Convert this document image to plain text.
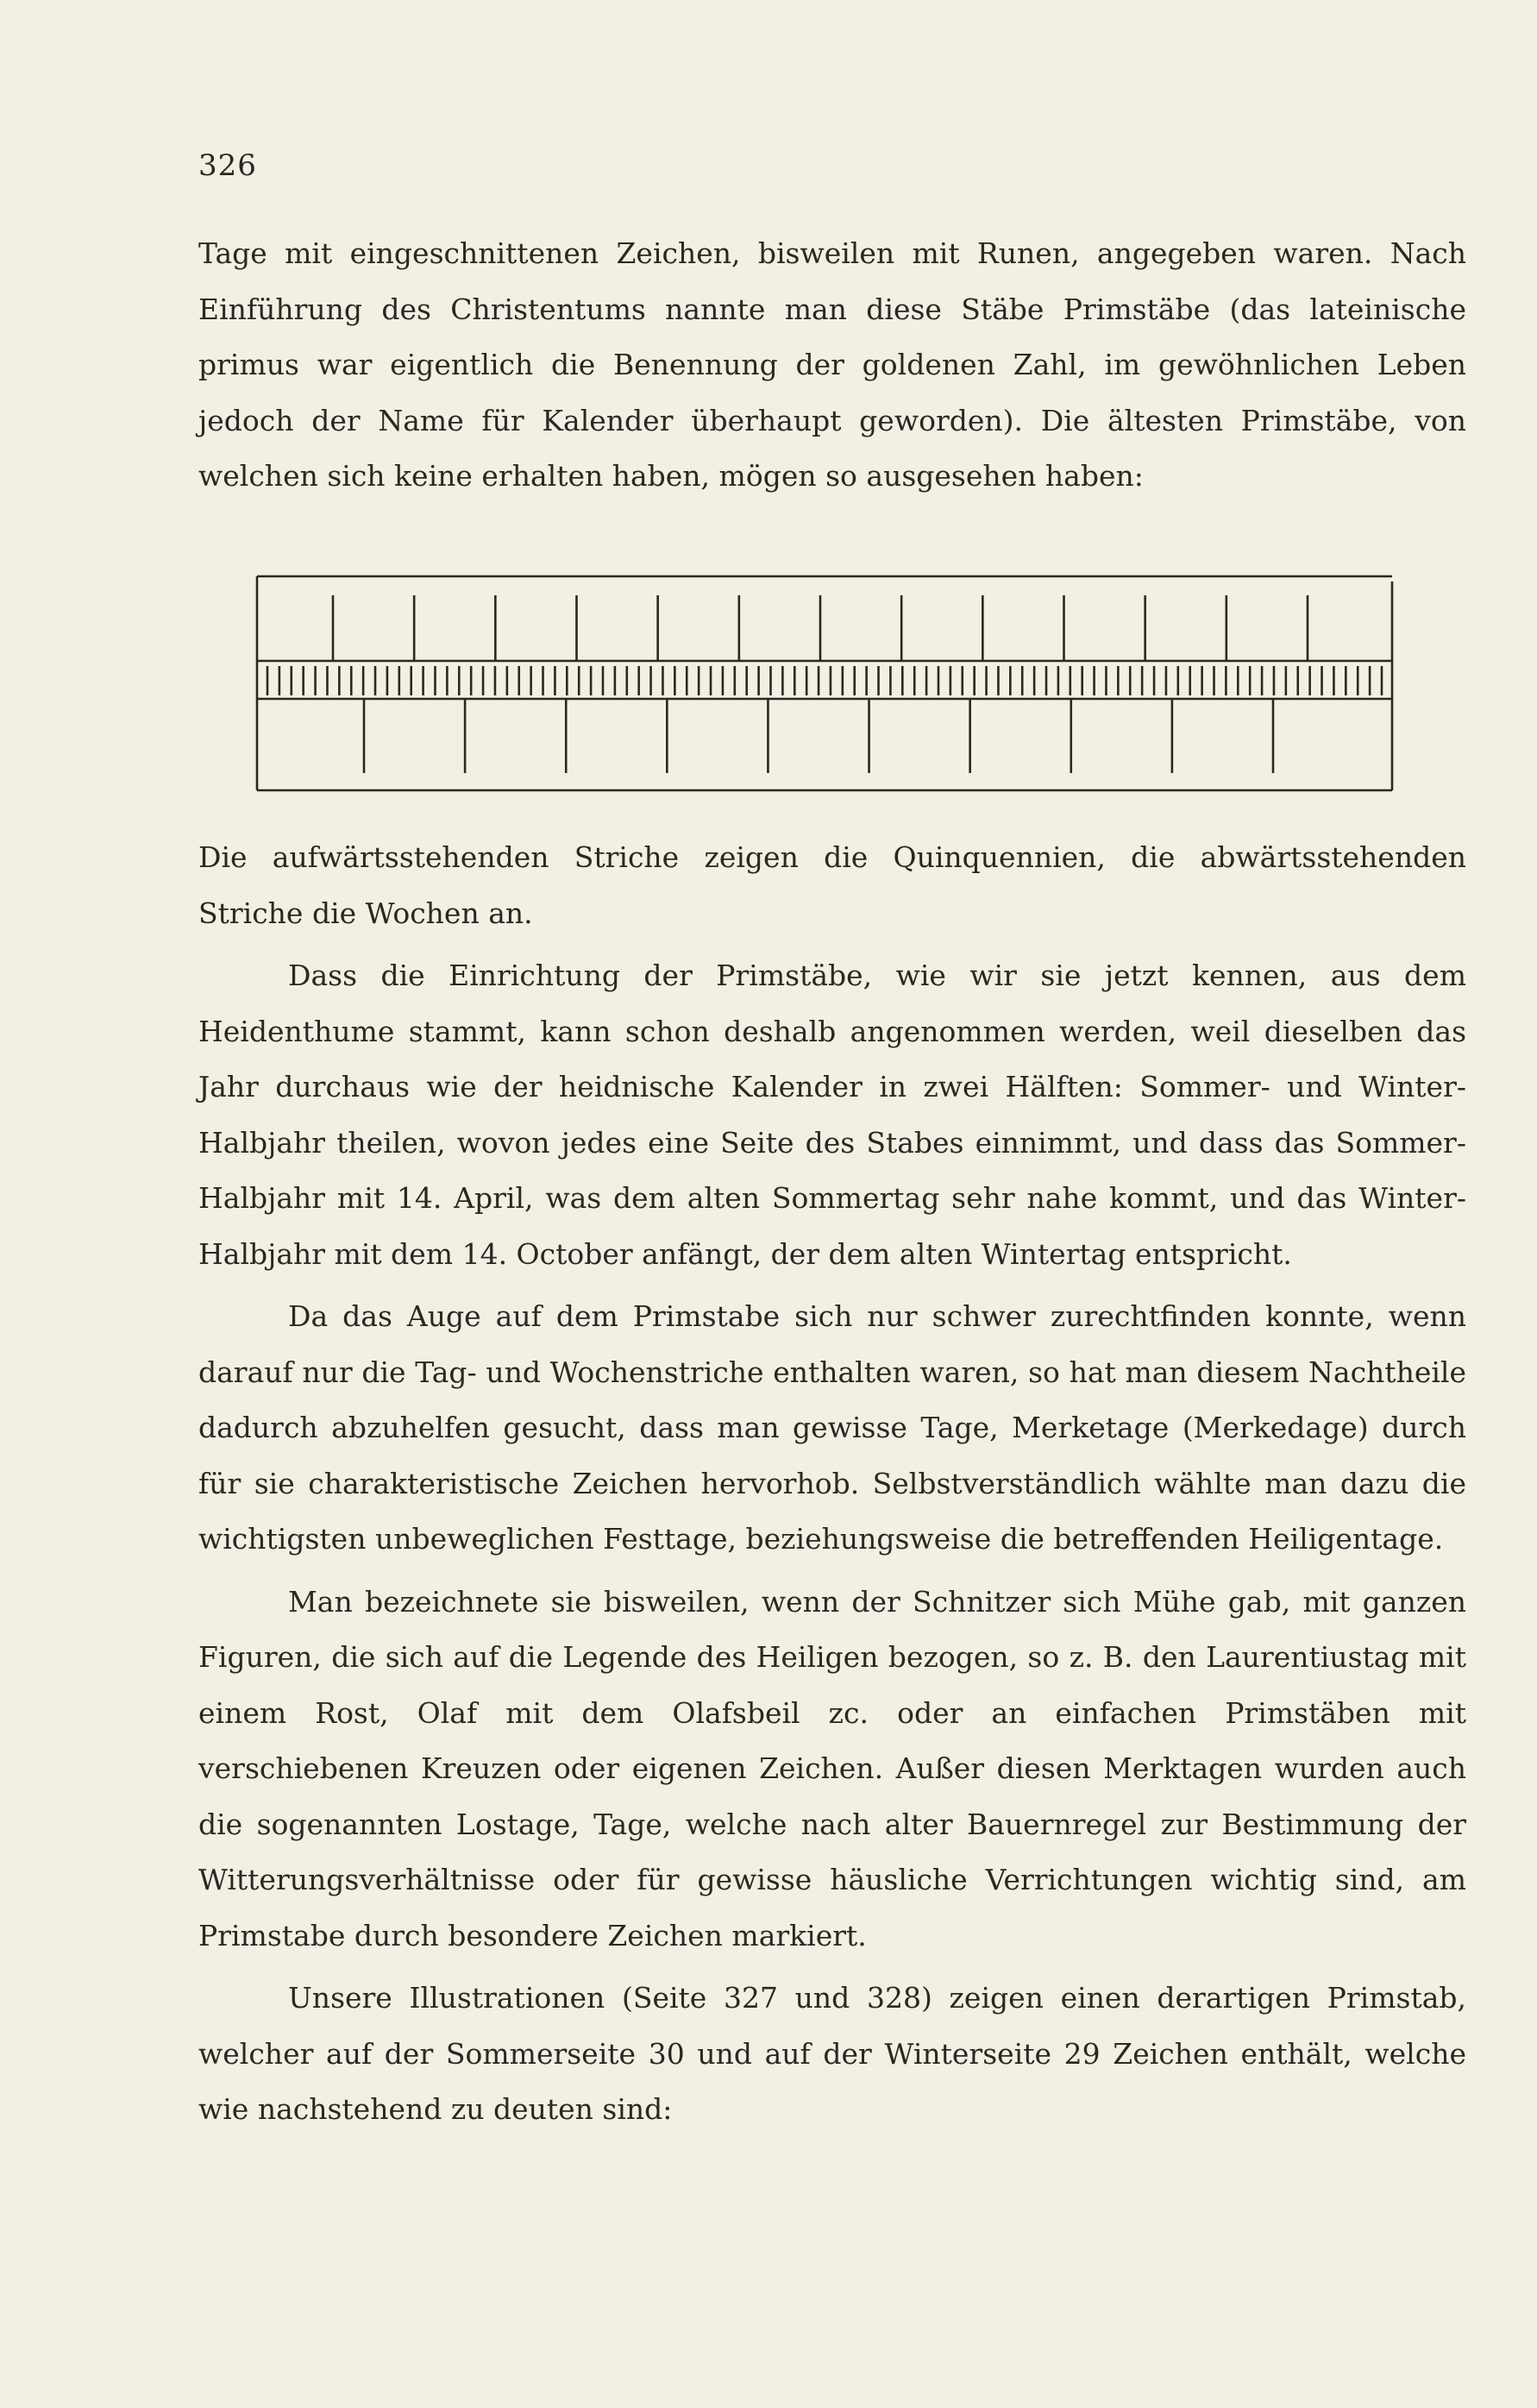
326

Tage mit eingeschnittenen Zeichen, bisweilen mit Runen, angegeben waren. Nach Einführung des Christentums nannte man diese Stäbe Primstäbe (das lateinische primus war eigentlich die Benennung der goldenen Zahl, im gewöhnlichen Leben jedoch der Name für Kalender überhaupt geworden). Die ältesten Primstäbe, von welchen sich keine erhalten haben, mögen so ausgesehen haben:

Die aufwärtsstehenden Striche zeigen die Quinquennien, die abwärtsstehenden Striche die Wochen an.

Dass die Einrichtung der Primstäbe, wie wir sie jetzt kennen, aus dem Heidenthume stammt, kann schon deshalb angenommen werden, weil dieselben das Jahr durchaus wie der heidnische Kalender in zwei Hälften: Sommer- und Winter-Halbjahr theilen, wovon jedes eine Seite des Stabes einnimmt, und dass das Sommer-Halbjahr mit 14. April, was dem alten Sommertag sehr nahe kommt, und das Winter-Halbjahr mit dem 14. October anfängt, der dem alten Wintertag entspricht.

Da das Auge auf dem Primstabe sich nur schwer zurechtfinden konnte, wenn darauf nur die Tag- und Wochenstriche enthalten waren, so hat man diesem Nachtheile dadurch abzuhelfen gesucht, dass man gewisse Tage, Merketage (Merkedage) durch für sie charakteristische Zeichen hervorhob. Selbstverständlich wählte man dazu die wichtigsten unbeweglichen Festtage, beziehungsweise die betreffenden Heiligentage.

Man bezeichnete sie bisweilen, wenn der Schnitzer sich Mühe gab, mit ganzen Figuren, die sich auf die Legende des Heiligen bezogen, so z. B. den Laurentiustag mit einem Rost, Olaf mit dem Olafsbeil zc. oder an einfachen Primstäben mit verschiebenen Kreuzen oder eigenen Zeichen. Außer diesen Merktagen wurden auch die sogenannten Lostage, Tage, welche nach alter Bauernregel zur Bestimmung der Witterungsverhältnisse oder für gewisse häusliche Verrichtungen wichtig sind, am Primstabe durch besondere Zeichen markiert.

Unsere Illustrationen (Seite 327 und 328) zeigen einen derartigen Primstab, welcher auf der Sommerseite 30 und auf der Winterseite 29 Zeichen enthält, welche wie nachstehend zu deuten sind:
